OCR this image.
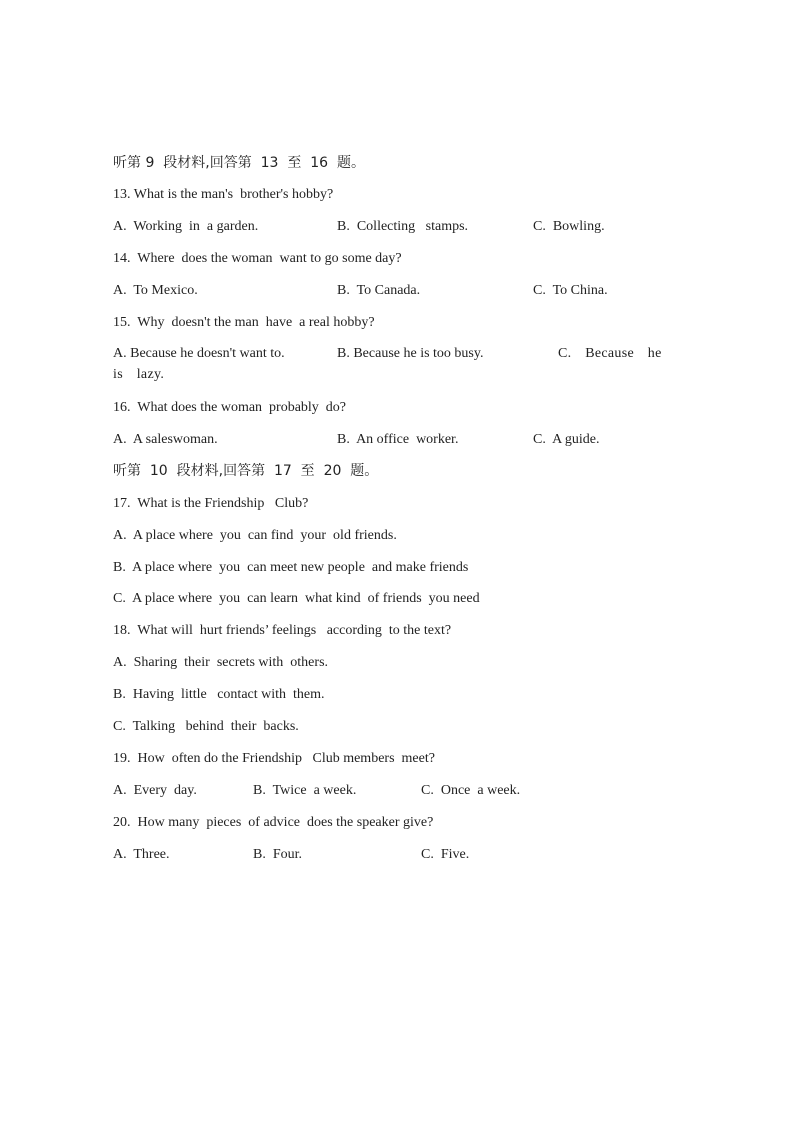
听第 9  段材料,回答第  13  至  16  题。
13. What is the man's  brother's hobby?
A.  Working  in  a garden.	B.  Collecting   stamps.	C.  Bowling.
14.  Where  does the woman  want to go some day?
A.  To Mexico.	B.  To Canada.	C.  To China.
15.  Why  doesn't the man  have  a real hobby?
A. Because he doesn't want to.	B. Because he is too busy.	C. Because he is lazy.
16.  What does the woman  probably  do?
A.  A saleswoman.	B.  An office  worker.	C.  A guide.
听第  10  段材料,回答第  17  至  20  题。
17.  What is the Friendship   Club?
A.  A place where  you  can find  your  old friends.
B.  A place where  you  can meet new people  and make friends
C.  A place where  you  can learn  what kind  of friends  you need
18.  What will  hurt friends’ feelings   according  to the text?
A.  Sharing  their  secrets with  others.
B.  Having  little   contact with  them.
C.  Talking   behind  their  backs.
19.  How  often do the Friendship   Club members  meet?
A.  Every  day.	B.  Twice  a week.	C.  Once  a week.
20.  How many  pieces  of advice  does the speaker give?
A.  Three.	B.  Four.	C.  Five.
